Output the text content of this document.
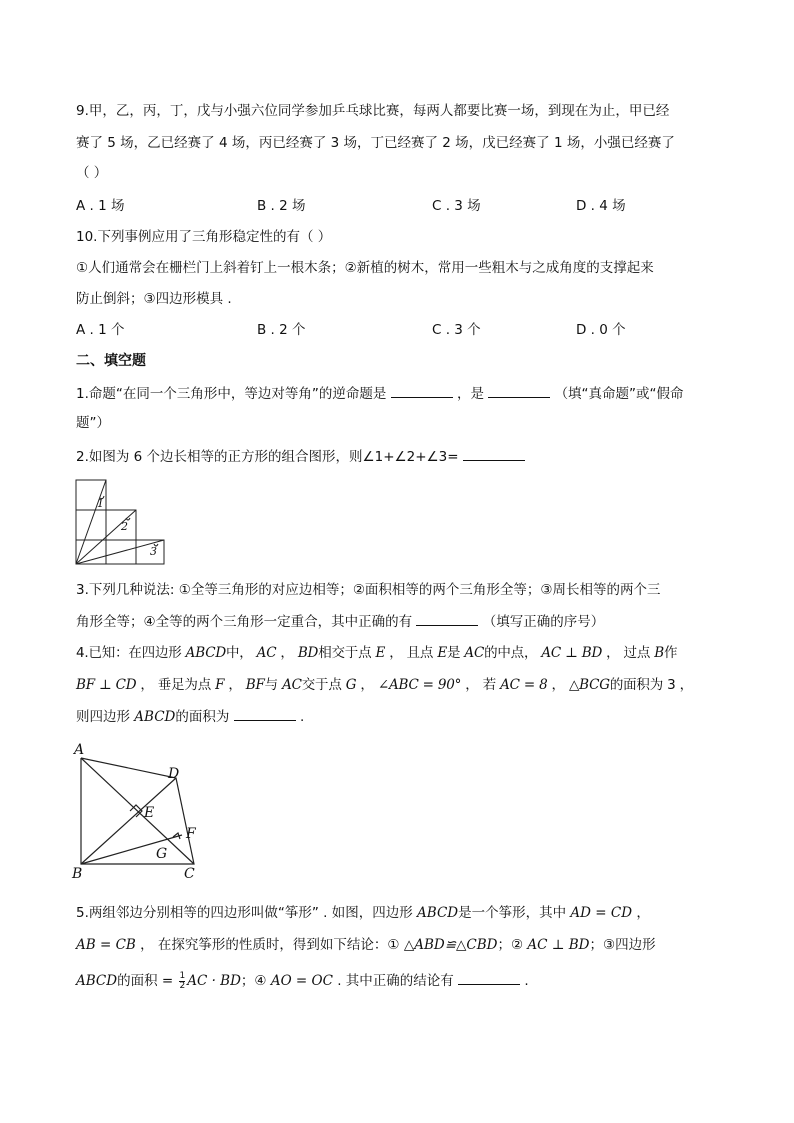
9.甲，乙，丙，丁，戊与小强六位同学参加乒乓球比赛，每两人都要比赛一场，到现在为止，甲已经
赛了 5 场，乙已经赛了 4 场，丙已经赛了 3 场，丁已经赛了 2 场，戊已经赛了 1 场，小强已经赛了
（ ）
A . 1 场	B . 2 场	C . 3 场	D . 4 场
10.下列事例应用了三角形稳定性的有（ ）
①人们通常会在栅栏门上斜着钉上一根木条；②新植的树木，常用一些粗木与之成角度的支撑起来
防止倒斜；③四边形模具 .
A . 1 个	B . 2 个	C . 3 个	D . 0 个
二、填空题
1.命题“在同一个三角形中，等边对等角”的逆命题是	，是	（填“真命题”或“假命
题”）
2.如图为 6 个边长相等的正方形的组合图形，则∠1+∠2+∠3=
1
2
3
3.下列几种说法: ①全等三角形的对应边相等；②面积相等的两个三角形全等；③周长相等的两个三
角形全等；④全等的两个三角形一定重合，其中正确的有	（填写正确的序号）
4.已知：在四边形 ABCD中， AC ， BD相交于点 E ， 且点 E是 AC的中点， AC ⊥ BD ， 过点 B作
BF ⊥ CD ， 垂足为点 F ， BF与 AC交于点 G ， ∠ABC = 90° ， 若 AC = 8 ， △BCG的面积为 3 ，
则四边形 ABCD的面积为	.
A
B	C
D
E
F
G
5.两组邻边分别相等的四边形叫做“筝形” . 如图，四边形 ABCD是一个筝形，其中 AD = CD ，
AB = CB ， 在探究筝形的性质时，得到如下结论：① △ABD≌△CBD；② AC ⊥ BD；③四边形
ABCD的面积 = $\frac{1}{2}$ AC · BD；④ AO = OC . 其中正确的结论有	.
